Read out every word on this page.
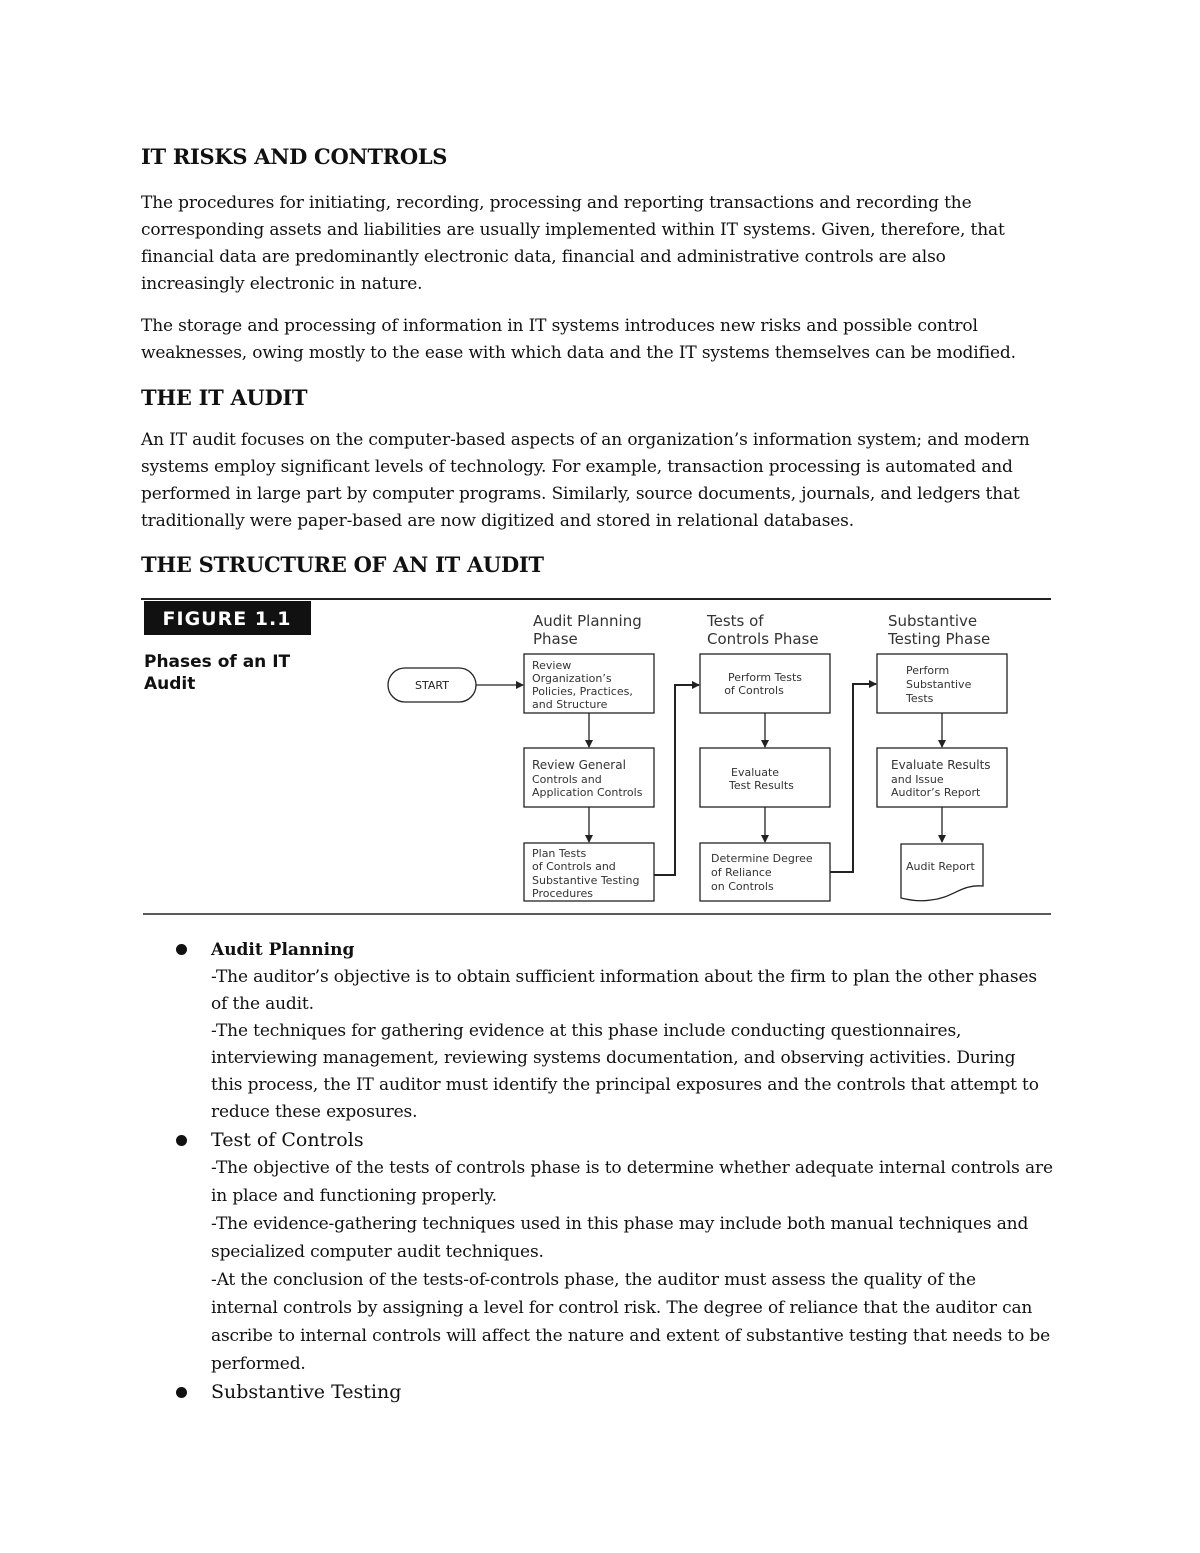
IT RISKS AND CONTROLS
The procedures for initiating, recording, processing and reporting transactions and recording the
corresponding assets and liabilities are usually implemented within IT systems. Given, therefore, that
financial data are predominantly electronic data, financial and administrative controls are also
increasingly electronic in nature.
The storage and processing of information in IT systems introduces new risks and possible control
weaknesses, owing mostly to the ease with which data and the IT systems themselves can be modified.
THE IT AUDIT
An IT audit focuses on the computer-based aspects of an organization’s information system; and modern
systems employ significant levels of technology. For example, transaction processing is automated and
performed in large part by computer programs. Similarly, source documents, journals, and ledgers that
traditionally were paper-based are now digitized and stored in relational databases.
THE STRUCTURE OF AN IT AUDIT
FIGURE 1.1
Phases of an IT
Audit
Audit Planning
Phase
Tests of
Controls Phase
Substantive
Testing Phase
START
Review
Organization’s
Policies, Practices,
and Structure
Review General
Controls and
Application Controls
Plan Tests
of Controls and
Substantive Testing
Procedures
Perform Tests
of Controls
Evaluate
Test Results
Determine Degree
of Reliance
on Controls
Perform
Substantive
Tests
Evaluate Results
and Issue
Auditor’s Report
Audit Report
Audit Planning
-The auditor’s objective is to obtain sufficient information about the firm to plan the other phases
of the audit.
-The techniques for gathering evidence at this phase include conducting questionnaires,
interviewing management, reviewing systems documentation, and observing activities. During
this process, the IT auditor must identify the principal exposures and the controls that attempt to
reduce these exposures.
Test of Controls
-The objective of the tests of controls phase is to determine whether adequate internal controls are
in place and functioning properly.
-The evidence-gathering techniques used in this phase may include both manual techniques and
specialized computer audit techniques.
-At the conclusion of the tests-of-controls phase, the auditor must assess the quality of the
internal controls by assigning a level for control risk. The degree of reliance that the auditor can
ascribe to internal controls will affect the nature and extent of substantive testing that needs to be
performed.
Substantive Testing
